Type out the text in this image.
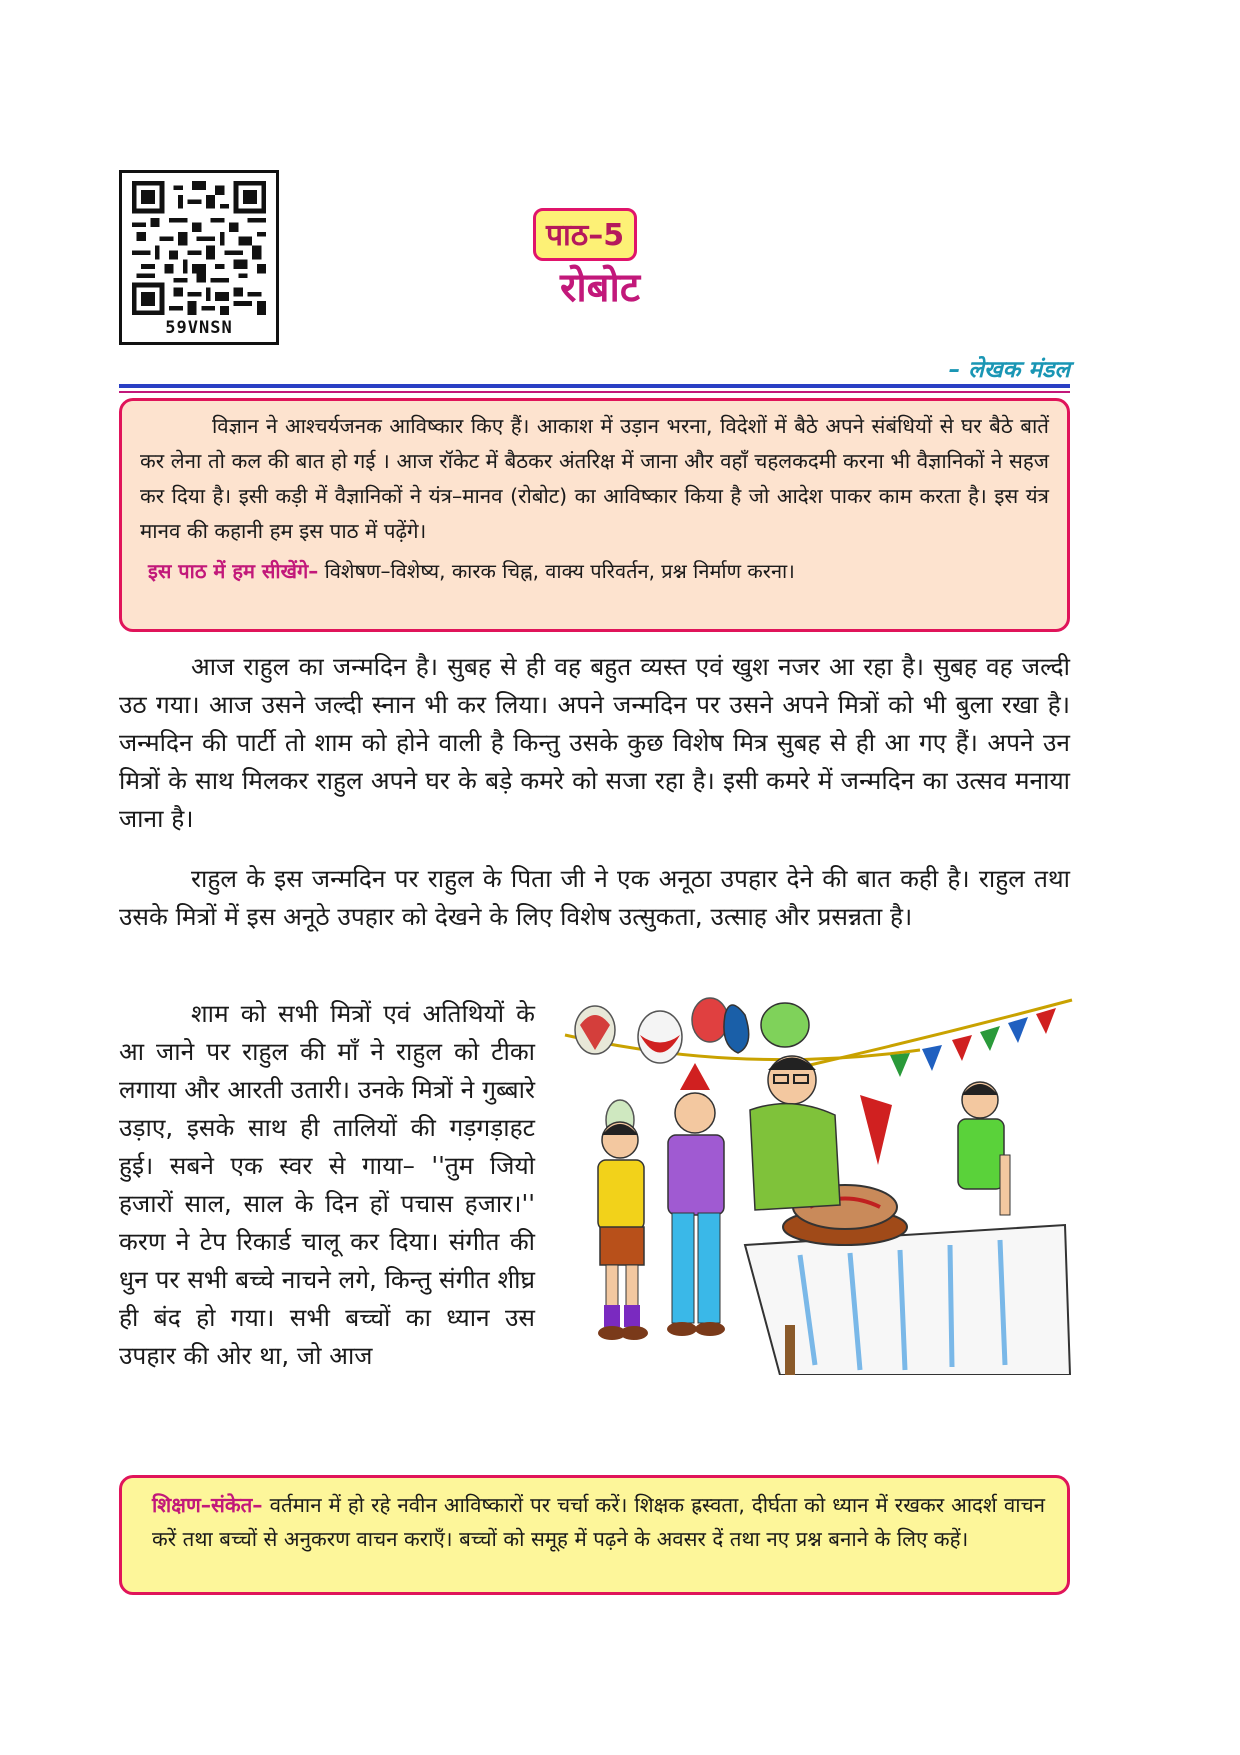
59VNSN
पाठ–5
रोबोट
– लेखक मंडल

विज्ञान ने आश्चर्यजनक आविष्कार किए हैं। आकाश में उड़ान भरना, विदेशों में बैठे अपने संबंधियों से घर बैठे बातें कर लेना तो कल की बात हो गई । आज रॉकेट में बैठकर अंतरिक्ष में जाना और वहाँ चहलकदमी करना भी वैज्ञानिकों ने सहज कर दिया है। इसी कड़ी में वैज्ञानिकों ने यंत्र–मानव (रोबोट) का आविष्कार किया है जो आदेश पाकर काम करता है। इस यंत्र मानव की कहानी हम इस पाठ में पढ़ेंगे।

इस पाठ में हम सीखेंगे– विशेषण–विशेष्य, कारक चिह्न, वाक्य परिवर्तन, प्रश्न निर्माण करना।

आज राहुल का जन्मदिन है। सुबह से ही वह बहुत व्यस्त एवं खुश नजर आ रहा है। सुबह वह जल्दी उठ गया। आज उसने जल्दी स्नान भी कर लिया। अपने जन्मदिन पर उसने अपने मित्रों को भी बुला रखा है। जन्मदिन की पार्टी तो शाम को होने वाली है किन्तु उसके कुछ विशेष मित्र सुबह से ही आ गए हैं। अपने उन मित्रों के साथ मिलकर राहुल अपने घर के बड़े कमरे को सजा रहा है। इसी कमरे में जन्मदिन का उत्सव मनाया जाना है।

राहुल के इस जन्मदिन पर राहुल के पिता जी ने एक अनूठा उपहार देने की बात कही है। राहुल तथा उसके मित्रों में इस अनूठे उपहार को देखने के लिए विशेष उत्सुकता, उत्साह और प्रसन्नता है।

शाम को सभी मित्रों एवं अतिथियों के आ जाने पर राहुल की माँ ने राहुल को टीका लगाया और आरती उतारी। उनके मित्रों ने गुब्बारे उड़ाए, इसके साथ ही तालियों की गड़गड़ाहट हुई। सबने एक स्वर से गाया– ''तुम जियो हजारों साल, साल के दिन हों पचास हजार।'' करण ने टेप रिकार्ड चालू कर दिया। संगीत की धुन पर सभी बच्चे नाचने लगे, किन्तु संगीत शीघ्र ही बंद हो गया। सभी बच्चों का ध्यान उस उपहार की ओर था, जो आज

शिक्षण–संकेत– वर्तमान में हो रहे नवीन आविष्कारों पर चर्चा करें। शिक्षक ह्रस्वता, दीर्घता को ध्यान में रखकर आदर्श वाचन करें तथा बच्चों से अनुकरण वाचन कराएँ। बच्चों को समूह में पढ़ने के अवसर दें तथा नए प्रश्न बनाने के लिए कहें।
